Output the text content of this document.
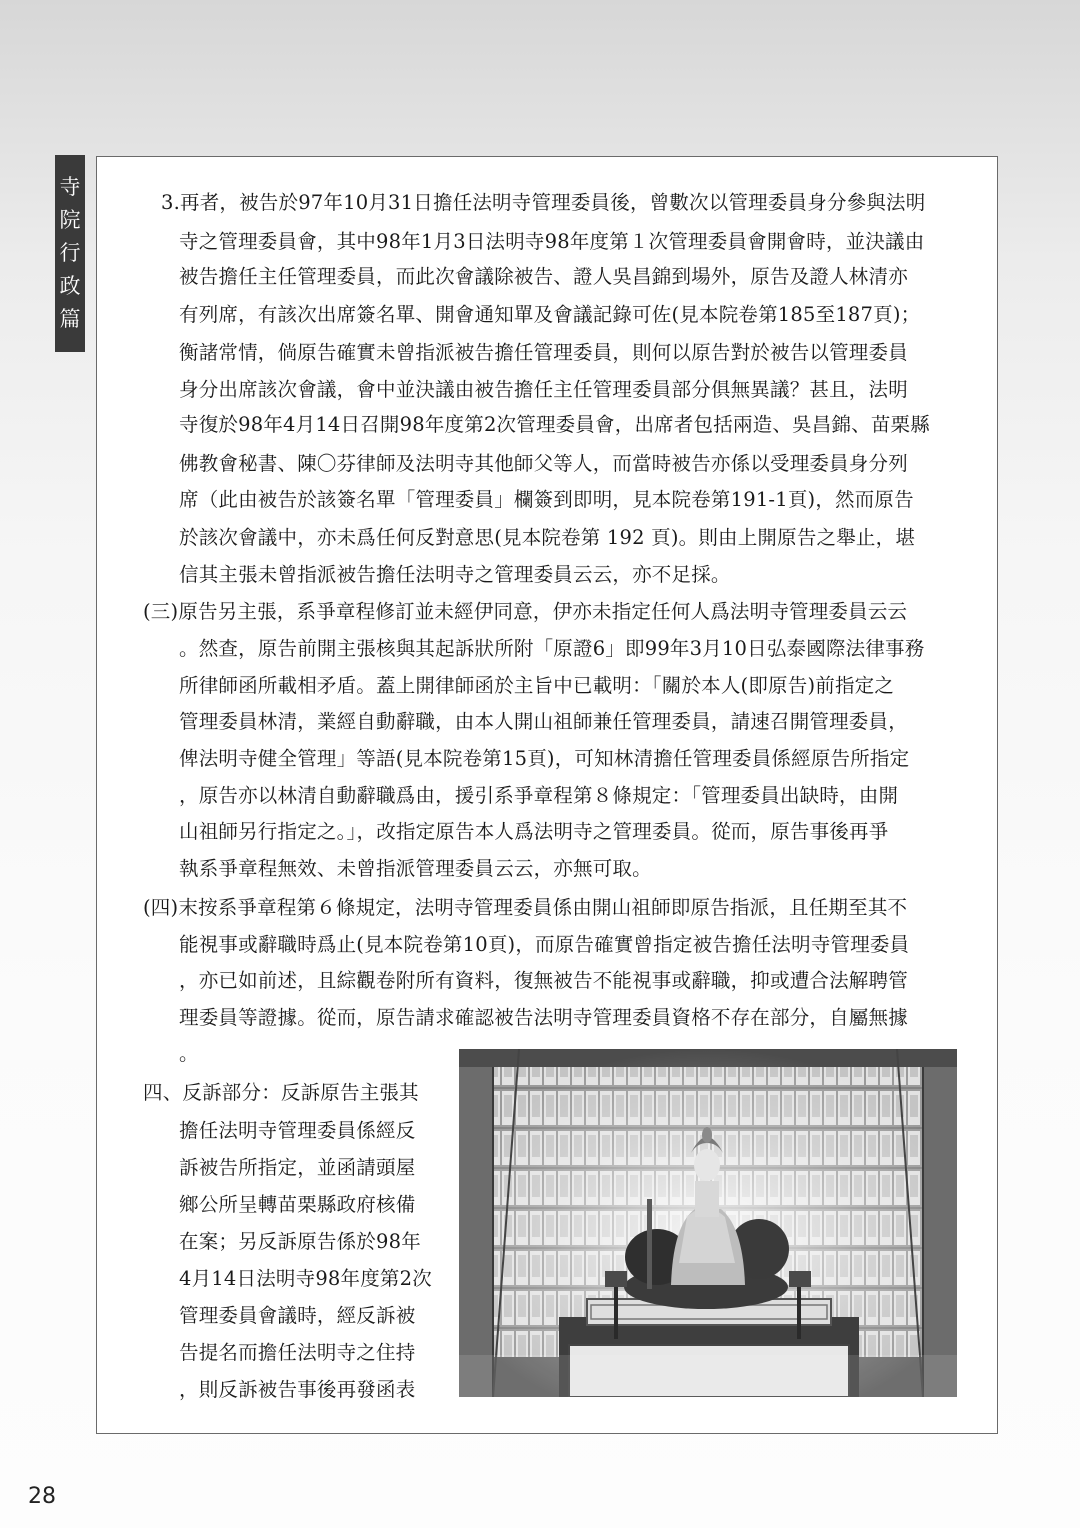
寺
院
行
政
篇
3.再者，被告於97年10月31日擔任法明寺管理委員後，曾數次以管理委員身分參與法明
寺之管理委員會，其中98年1月3日法明寺98年度第１次管理委員會開會時，並決議由
被告擔任主任管理委員，而此次會議除被告、證人吳昌錦到場外，原告及證人林清亦
有列席，有該次出席簽名單、開會通知單及會議記錄可佐(見本院卷第185至187頁)；
衡諸常情，倘原告確實未曾指派被告擔任管理委員，則何以原告對於被告以管理委員
身分出席該次會議，會中並決議由被告擔任主任管理委員部分俱無異議？甚且，法明
寺復於98年4月14日召開98年度第2次管理委員會，出席者包括兩造、吳昌錦、苗栗縣
佛教會秘書、陳〇芬律師及法明寺其他師父等人，而當時被告亦係以受理委員身分列
席（此由被告於該簽名單「管理委員」欄簽到即明，見本院卷第191-1頁)，然而原告
於該次會議中，亦未爲任何反對意思(見本院卷第 192 頁)。則由上開原告之舉止，堪
信其主張未曾指派被告擔任法明寺之管理委員云云，亦不足採。
(三)原告另主張，系爭章程修訂並未經伊同意，伊亦未指定任何人爲法明寺管理委員云云
。然查，原告前開主張核與其起訴狀所附「原證6」即99年3月10日弘泰國際法律事務
所律師函所載相矛盾。蓋上開律師函於主旨中已載明：「關於本人(即原告)前指定之
管理委員林清，業經自動辭職，由本人開山祖師兼任管理委員，請速召開管理委員，
俾法明寺健全管理」等語(見本院卷第15頁)，可知林清擔任管理委員係經原告所指定
，原告亦以林清自動辭職爲由，援引系爭章程第８條規定：「管理委員出缺時，由開
山祖師另行指定之。」，改指定原告本人爲法明寺之管理委員。從而，原告事後再爭
執系爭章程無效、未曾指派管理委員云云，亦無可取。
(四)末按系爭章程第６條規定，法明寺管理委員係由開山祖師即原告指派，且任期至其不
能視事或辭職時爲止(見本院卷第10頁)，而原告確實曾指定被告擔任法明寺管理委員
，亦已如前述，且綜觀卷附所有資料，復無被告不能視事或辭職，抑或遭合法解聘管
理委員等證據。從而，原告請求確認被告法明寺管理委員資格不存在部分，自屬無據
。
四、反訴部分：反訴原告主張其
擔任法明寺管理委員係經反
訴被告所指定，並函請頭屋
鄉公所呈轉苗栗縣政府核備
在案；另反訴原告係於98年
4月14日法明寺98年度第2次
管理委員會議時，經反訴被
告提名而擔任法明寺之住持
，則反訴被告事後再發函表
28
